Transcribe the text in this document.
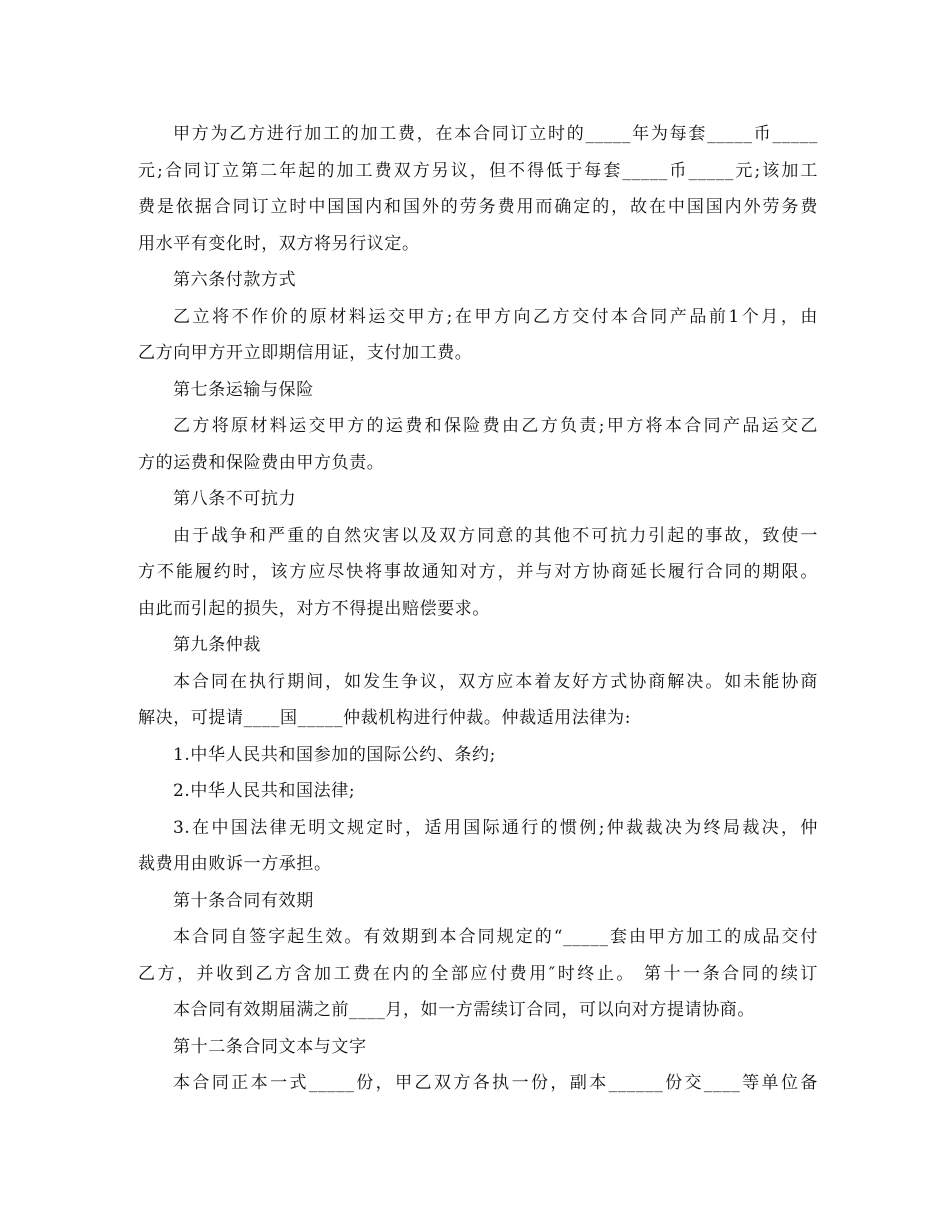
甲方为乙方进行加工的加工费，在本合同订立时的_____年为每套_____币_____
元;合同订立第二年起的加工费双方另议，但不得低于每套_____币_____元;该加工
费是依据合同订立时中国国内和国外的劳务费用而确定的，故在中国国内外劳务费
用水平有变化时，双方将另行议定。
第六条付款方式
乙立将不作价的原材料运交甲方;在甲方向乙方交付本合同产品前1个月，由
乙方向甲方开立即期信用证，支付加工费。
第七条运输与保险
乙方将原材料运交甲方的运费和保险费由乙方负责;甲方将本合同产品运交乙
方的运费和保险费由甲方负责。
第八条不可抗力
由于战争和严重的自然灾害以及双方同意的其他不可抗力引起的事故，致使一
方不能履约时，该方应尽快将事故通知对方，并与对方协商延长履行合同的期限。
由此而引起的损失，对方不得提出赔偿要求。
第九条仲裁
本合同在执行期间，如发生争议，双方应本着友好方式协商解决。如未能协商
解决，可提请____国_____仲裁机构进行仲裁。仲裁适用法律为:
1.中华人民共和国参加的国际公约、条约;
2.中华人民共和国法律;
3.在中国法律无明文规定时，适用国际通行的惯例;仲裁裁决为终局裁决，仲
裁费用由败诉一方承担。
第十条合同有效期
本合同自签字起生效。有效期到本合同规定的“_____套由甲方加工的成品交付
乙方，并收到乙方含加工费在内的全部应付费用″时终止。 第十一条合同的续订
本合同有效期届满之前____月，如一方需续订合同，可以向对方提请协商。
第十二条合同文本与文字
本合同正本一式_____份，甲乙双方各执一份，副本______份交____等单位备
